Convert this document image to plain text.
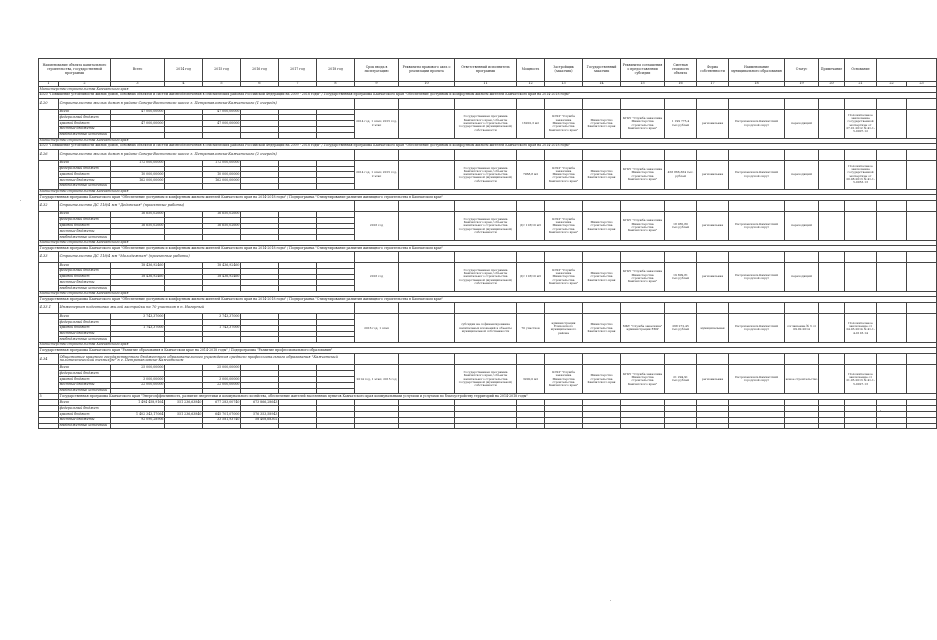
Наименование объекта капитального строительства, государственной программы		Всего	2014 год	2015 год	2016 год	2017 год	2018 год	Срок ввода в эксплуатацию	Реквизиты правового акта о реализации проекта	Ответственный исполнитель программы	Мощность	Застройщик (заказчик)	Государственный заказчик	Реквизиты соглашения о предоставлении субсидии	Сметная стоимость объекта	Форма собственности	Наименование муниципального образования	Статус	Примечание	Основание		
1	2	3	4	5	6	7	8	9	10	11	12	13	14	15	16	17	18	19	20	21	22	23
Министерство строительства Камчатского края																						
4020 "Повышение устойчивости жилых домов, основных объектов и систем жизнеобеспечения в сейсмических районах Российской Федерации на 2009 - 2018 годы" / Государственная программа Камчатского края "Обеспечение доступным и комфортным жильем жителей Камчатского края на 2014-2018 годы"																						
4.20	Строительство жилых домов в районе Северо-Восточного шоссе г. Петропавловска-Камчатского (1 очередь)																					
	Всего	47 000,00000		47 000,00000				2014 год, 1 этап; 2015 год, 2 этап		Государственная программа Камчатского края / объекты капитального строительства государственной (муниципальной) собственности	16910,3 м2	КГКУ "Служба заказчика Министерства строительства Камчатского края"	Министерство строительства Камчатского края	КГКУ "Служба заказчика Министерства строительства Камчатского края"	1 199 775,4 тыс.рублей	региональная	Петропавловск-Камчатский городской округ	переходящий		Положительное заключение государственной экспертизы от 27.01.2012 № 41-1-5-0007-12		
	федеральный бюджет																					
	краевой бюджет	47 000,00000		47 000,00000																		
	местные бюджеты																					
	внебюджетные источники																					
Министерство строительства Камчатского края																						
4020 "Повышение устойчивости жилых домов, основных объектов и систем жизнеобеспечения в сейсмических районах Российской Федерации на 2009 - 2018 годы" / Государственная программа Камчатского края "Обеспечение доступным и комфортным жильем жителей Камчатского края на 2014-2018 годы"																						
4.26	Строительство жилых домов в районе Северо-Восточного шоссе г. Петропавловска-Камчатского (2 очередь)																					
	Всего	172 000,00000		172 000,00000				2014 год, 1 этап; 2015 год, 2 этап		Государственная программа Камчатского края / объекты капитального строительства государственной (муниципальной) собственности	7968,8 м2	КГКУ "Служба заказчика Министерства строительства Камчатского края"	Министерство строительства Камчатского края	КГКУ "Служба заказчика Министерства строительства Камчатского края"	456 866,364 тыс. рублей	региональная	Петропавловск-Камчатский городской округ	переходящий		Положительное заключение государственной экспертизы от 20.08.2013 № 41-1-5-0053-13		
	федеральный бюджет																					
	краевой бюджет	10 000,00000		10 000,00000																		
	местные бюджеты	162 000,00000		162 000,00000																		
	внебюджетные источники																					
Министерство строительства Камчатского края																						
Государственная программа Камчатского края "Обеспечение доступным и комфортным жильем жителей Камчатского края на 2014-2018 годы" / Подпрограмма "Стимулирование развития жилищного строительства в Камчатском крае"																						
4.32	Строительство ДС 118/4 мм "Дедовская" (проектные работы)																					
	Всего	16 650,02600		16 650,02600				2016 год		Государственная программа Камчатского края / объекты капитального строительства государственной (муниципальной) собственности	ДС 118/10 м3	КГКУ "Служба заказчика Министерства строительства Камчатского края"	Министерство строительства Камчатского края	КГКУ "Служба заказчика Министерства строительства Камчатского края"	18 065,80 тыс.рублей	региональная	Петропавловск-Камчатский городской округ	переходящий				
	федеральный бюджет																					
	краевой бюджет	16 650,02600		16 650,02600																		
	местные бюджеты																					
	внебюджетные источники																					
Министерство строительства Камчатского края																						
Государственная программа Камчатского края "Обеспечение доступным и комфортным жильем жителей Камчатского края на 2014-2018 годы" / Подпрограмма "Стимулирование развития жилищного строительства в Камчатском крае"																						
4.33	Строительство ДС 118/4 мм "Молодежная" (проектные работы)																					
	Всего	18 436,92460		18 436,92460				2016 год		Государственная программа Камчатского края / объекты капитального строительства государственной (муниципальной) собственности	ДС 118/10 м3	КГКУ "Служба заказчика Министерства строительства Камчатского края"	Министерство строительства Камчатского края	КГКУ "Служба заказчика Министерства строительства Камчатского края"	19 809,81 тыс.рублей	региональная	Петропавловск-Камчатский городской округ	переходящий				
	федеральный бюджет																					
	краевой бюджет	18 436,92460		18 436,92460																		
	местные бюджеты																					
	внебюджетные источники																					
Министерство строительства Камчатского края																						
Государственная программа Камчатского края "Обеспечение доступным и комфортным жильем жителей Камчатского края на 2014-2018 годы" / Подпрограмма "Стимулирование развития жилищного строительства в Камчатском крае"																						
4.33.1	Инженерная подготовка жилой застройки на 70 участков в п. Нагорный																					
	Всего	3 743,37000		3 743,37000				2016 год, 1 этап		субсидии на софинансирование капитальных вложений в объекты муниципальной собственности	70 участков	администрация Елизовского муниципального района	Министерство строительства Камчатского края	МКУ "Служба заказчика" администрации ЕМР	268 272,45 тыс.рублей	муниципальная	Петропавловск-Камчатский городской округ	соглашение № 3 от 09.02.2014		Положительное заключение от 24.03.2014 № 41-1-4-0118-14		
	федеральный бюджет																					
	краевой бюджет	1 743,37000		1 743,37000																		
	местные бюджеты																					
	внебюджетные источники																					
Министерство строительства Камчатского края																						
Государственная программа Камчатского края "Развитие образования в Камчатском крае на 2014-2018 годы" / Подпрограмма "Развитие профессионального образования"																						
4.34	Общежитие краевого государственного бюджетного образовательного учреждения среднего профессионального образования "Камчатский политехнический техникум" в г. Петропавловске-Камчатском																					
	Всего	25 000,00000		25 000,00000				2014 год, 1 этап; 2015 год		Государственная программа Камчатского края / объекты капитального строительства государственной (муниципальной) собственности	3200,0 м2	КГКУ "Служба заказчика Министерства строительства Камчатского края"	Министерство строительства Камчатского края	КГКУ "Служба заказчика Министерства строительства Камчатского края"	21 294,91 тыс.рублей	региональная	Петропавловск-Камчатский городской округ	новое строительство		Положительное заключение от 21.05.2013 № 41-1-5-0027-13		
	федеральный бюджет																					
	краевой бюджет	3 000,00000		3 000,00000																		
	местные бюджеты	22 000,00000		22 000,00000																		
	внебюджетные источники																					
5	Государственная программа Камчатского края "Энергоэффективность, развитие энергетики и коммунального хозяйства, обеспечение жителей населенных пунктов Камчатского края коммунальными услугами и услугами по благоустройству территорий на 2014-2018 годы"																					
	Всего	1 494 458,9164	551 236,63840	677 283,00740	673 866,28643																	
	федеральный бюджет																					
	краевой бюджет	1 402 343,17064	551 236,63840	645 701,07000	576 353,58943																	
	местные бюджеты	92 090,28906		33 581,93740	58 408,68302																	
	внебюджетные источники																					
